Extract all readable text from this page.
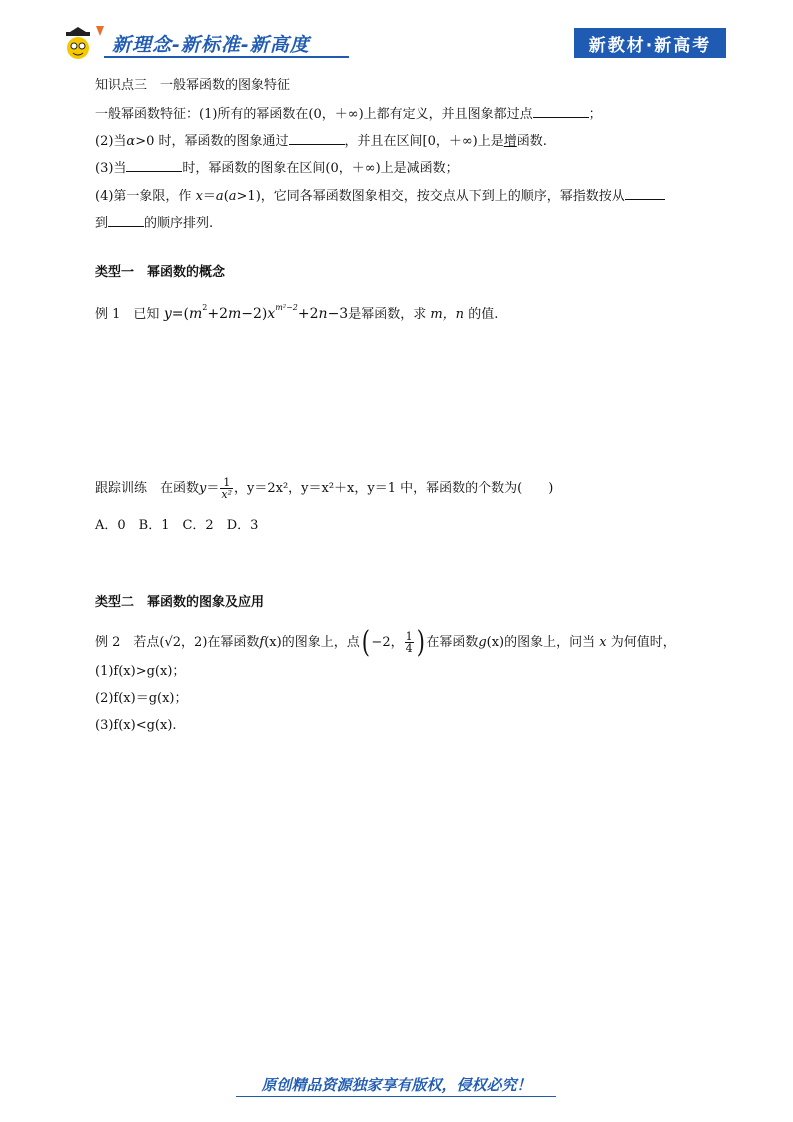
新理念-新标准-新高度	新教材·新高考
知识点三　一般幂函数的图象特征
一般幂函数特征：(1)所有的幂函数在(0，＋∞)上都有定义，并且图象都过点	；
(2)当α>0 时，幂函数的图象通过	，并且在区间[0，＋∞)上是增函数.
(3)当	时，幂函数的图象在区间(0，＋∞)上是减函数；
(4)第一象限，作 x＝a(a>1)，它同各幂函数图象相交，按交点从下到上的顺序，幂指数按从
到	的顺序排列.
类型一　幂函数的概念
例 1　已知 $y=(m^2+2m-2)x^{m^2-2}+2n-3$是幂函数，求 m，n 的值.
跟踪训练　在函数$y= \frac{1}{\text{x²}}$ ，y＝2x²，y＝x²＋x，y＝1 中，幂函数的个数为(　　)
A．0　B．1　C．2　D．3
类型二　幂函数的图象及应用
例 2　若点(√2，2)在幂函数f(x)的图象上，点( −2， $\frac{1}{4}$ ) 在幂函数g(x)的图象上，问当 x 为何值时，
(1)f(x)>g(x)；
(2)f(x)＝g(x)；
(3)f(x)<g(x).
原创精品资源独家享有版权，侵权必究！
